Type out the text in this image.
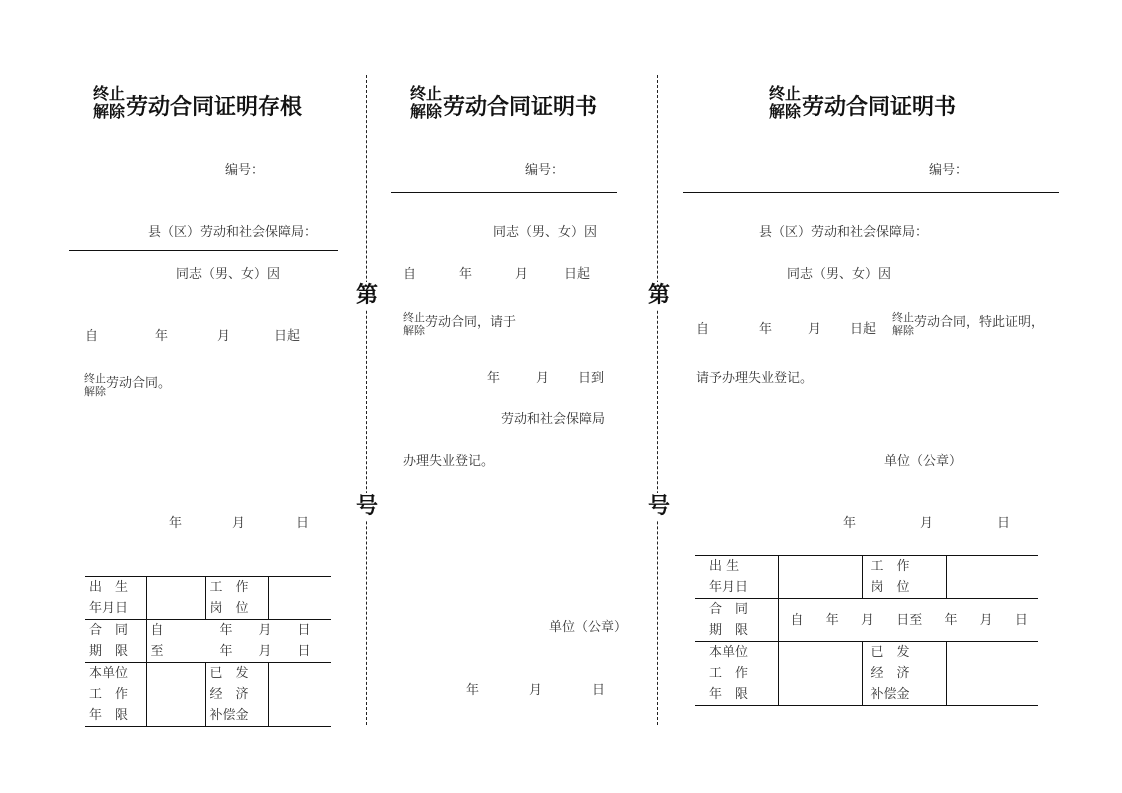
第
号
第
号
终止
解除 劳动合同证明存根
编号：
县（区）劳动和社会保障局：
同志（男、女）因
自	年	月	日起
终止
解除
劳动合同。
年	月	日
出　生
年月日		工　作
岗　位	

合　同
期　限

自	年 月 日
至	年 月 日

本单位
工　作
年　限		已　发
经　济
补偿金	

终止
解除 劳动合同证明书
编号：
同志（男、女）因
自	年	月	日起
终止
解除
劳动合同，请于
年	月 日到
劳动和社会保障局
办理失业登记。
单位（公章）
年	月	日
终止
解除 劳动合同证明书
编号：
县（区）劳动和社会保障局：
同志（男、女）因
自	年	月 日起
终止
解除
劳动合同，特此证明，
请予办理失业登记。
单位（公章）
年	月	日
出 生
年月日		工　作
岗　位	

合　同
期　限

自 年 月 日至 年 月 日

本单位
工　作
年　限		已　发
经　济
补偿金	
